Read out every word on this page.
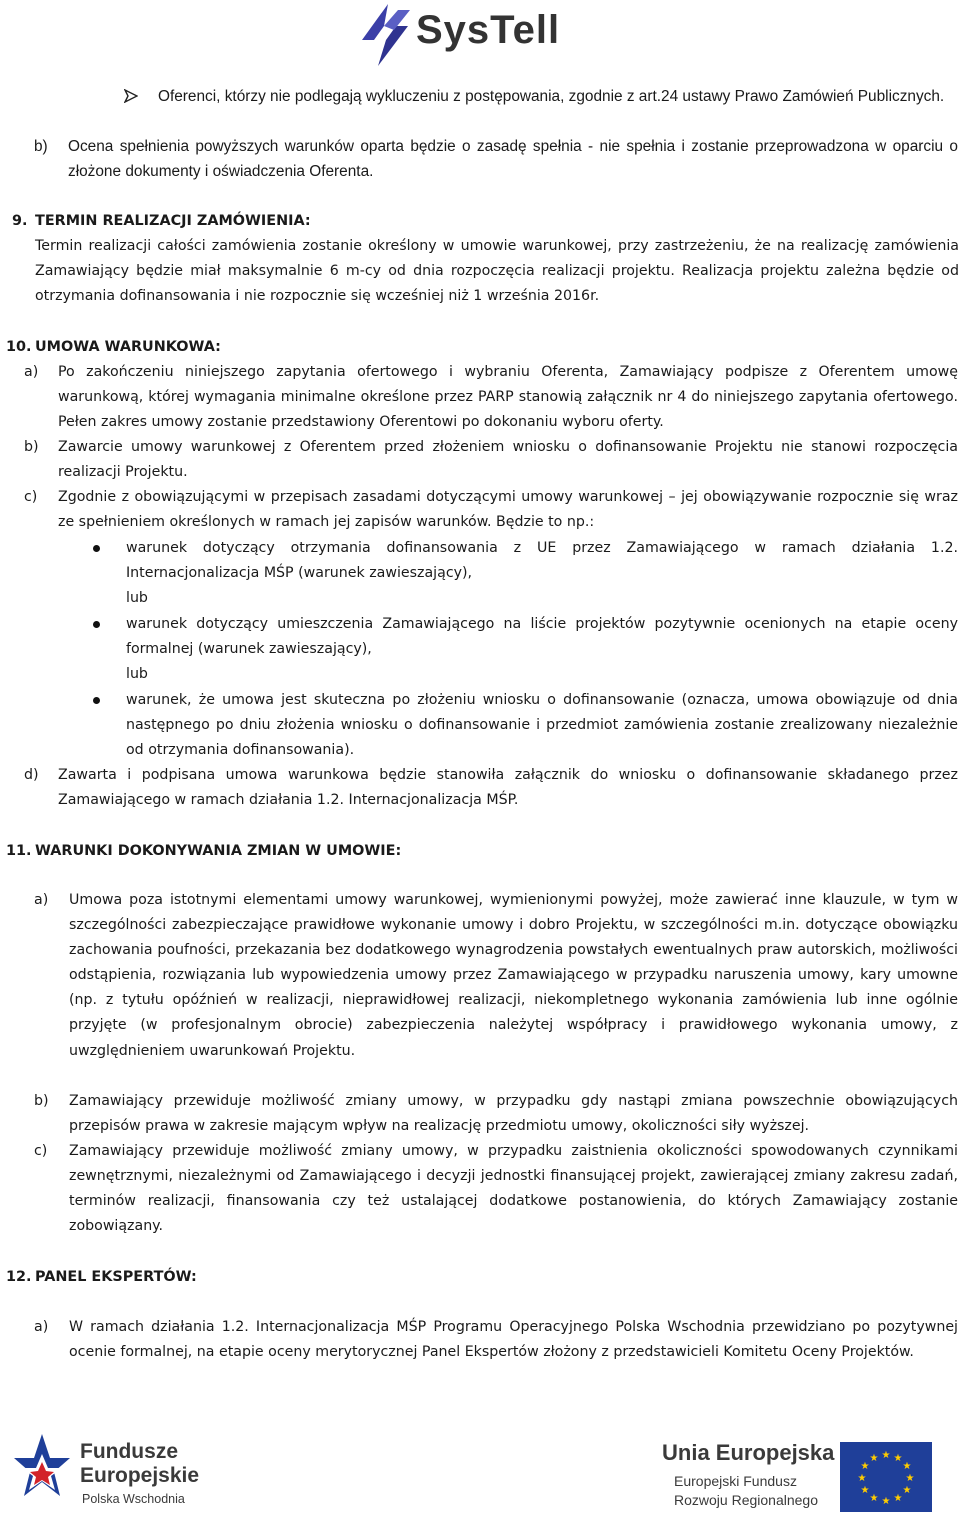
SysTell
Oferenci, którzy nie podlegają wykluczeniu z postępowania, zgodnie z art.24 ustawy Prawo Zamówień Publicznych.
b) Ocena spełnienia powyższych warunków oparta będzie o zasadę spełnia - nie spełnia i zostanie przeprowadzona w oparciu o złożone dokumenty i oświadczenia Oferenta.
9. TERMIN REALIZACJI ZAMÓWIENIA:
Termin realizacji całości zamówienia zostanie określony w umowie warunkowej, przy zastrzeżeniu, że na realizację zamówienia Zamawiający będzie miał maksymalnie 6 m-cy od dnia rozpoczęcia realizacji projektu. Realizacja projektu zależna będzie od otrzymania dofinansowania i nie rozpocznie się wcześniej niż 1 września 2016r.
10. UMOWA WARUNKOWA:
a) Po zakończeniu niniejszego zapytania ofertowego i wybraniu Oferenta, Zamawiający podpisze z Oferentem umowę warunkową, której wymagania minimalne określone przez PARP stanowią załącznik nr 4 do niniejszego zapytania ofertowego. Pełen zakres umowy zostanie przedstawiony Oferentowi po dokonaniu wyboru oferty.
b) Zawarcie umowy warunkowej z Oferentem przed złożeniem wniosku o dofinansowanie Projektu nie stanowi rozpoczęcia realizacji Projektu.
c) Zgodnie z obowiązującymi w przepisach zasadami dotyczącymi umowy warunkowej – jej obowiązywanie rozpocznie się wraz ze spełnieniem określonych w ramach jej zapisów warunków. Będzie to np.:
warunek dotyczący otrzymania dofinansowania z UE przez Zamawiającego w ramach działania 1.2. Internacjonalizacja MŚP (warunek zawieszający),
lub
warunek dotyczący umieszczenia Zamawiającego na liście projektów pozytywnie ocenionych na etapie oceny formalnej (warunek zawieszający),
lub
warunek, że umowa jest skuteczna po złożeniu wniosku o dofinansowanie (oznacza, umowa obowiązuje od dnia następnego po dniu złożenia wniosku o dofinansowanie i przedmiot zamówienia zostanie zrealizowany niezależnie od otrzymania dofinansowania).
d) Zawarta i podpisana umowa warunkowa będzie stanowiła załącznik do wniosku o dofinansowanie składanego przez Zamawiającego w ramach działania 1.2. Internacjonalizacja MŚP.
11. WARUNKI DOKONYWANIA ZMIAN W UMOWIE:
a) Umowa poza istotnymi elementami umowy warunkowej, wymienionymi powyżej, może zawierać inne klauzule, w tym w szczególności zabezpieczające prawidłowe wykonanie umowy i dobro Projektu, w szczególności m.in. dotyczące obowiązku zachowania poufności, przekazania bez dodatkowego wynagrodzenia powstałych ewentualnych praw autorskich, możliwości odstąpienia, rozwiązania lub wypowiedzenia umowy przez Zamawiającego w przypadku naruszenia umowy, kary umowne (np. z tytułu opóźnień w realizacji, nieprawidłowej realizacji, niekompletnego wykonania zamówienia lub inne ogólnie przyjęte (w profesjonalnym obrocie) zabezpieczenia należytej współpracy i prawidłowego wykonania umowy, z uwzględnieniem uwarunkowań Projektu.
b) Zamawiający przewiduje możliwość zmiany umowy, w przypadku gdy nastąpi zmiana powszechnie obowiązujących przepisów prawa w zakresie mającym wpływ na realizację przedmiotu umowy, okoliczności siły wyższej.
c) Zamawiający przewiduje możliwość zmiany umowy, w przypadku zaistnienia okoliczności spowodowanych czynnikami zewnętrznymi, niezależnymi od Zamawiającego i decyzji jednostki finansującej projekt, zawierającej zmiany zakresu zadań, terminów realizacji, finansowania czy też ustalającej dodatkowe postanowienia, do których Zamawiający zostanie zobowiązany.
12. PANEL EKSPERTÓW:
a) W ramach działania 1.2. Internacjonalizacja MŚP Programu Operacyjnego Polska Wschodnia przewidziano po pozytywnej ocenie formalnej, na etapie oceny merytorycznej Panel Ekspertów złożony z przedstawicieli Komitetu Oceny Projektów.
Fundusze
Europejskie
Polska Wschodnia
Unia Europejska
Europejski Fundusz
Rozwoju Regionalnego
★ ★
★
★
★
★
★
★
★
★
★
★
